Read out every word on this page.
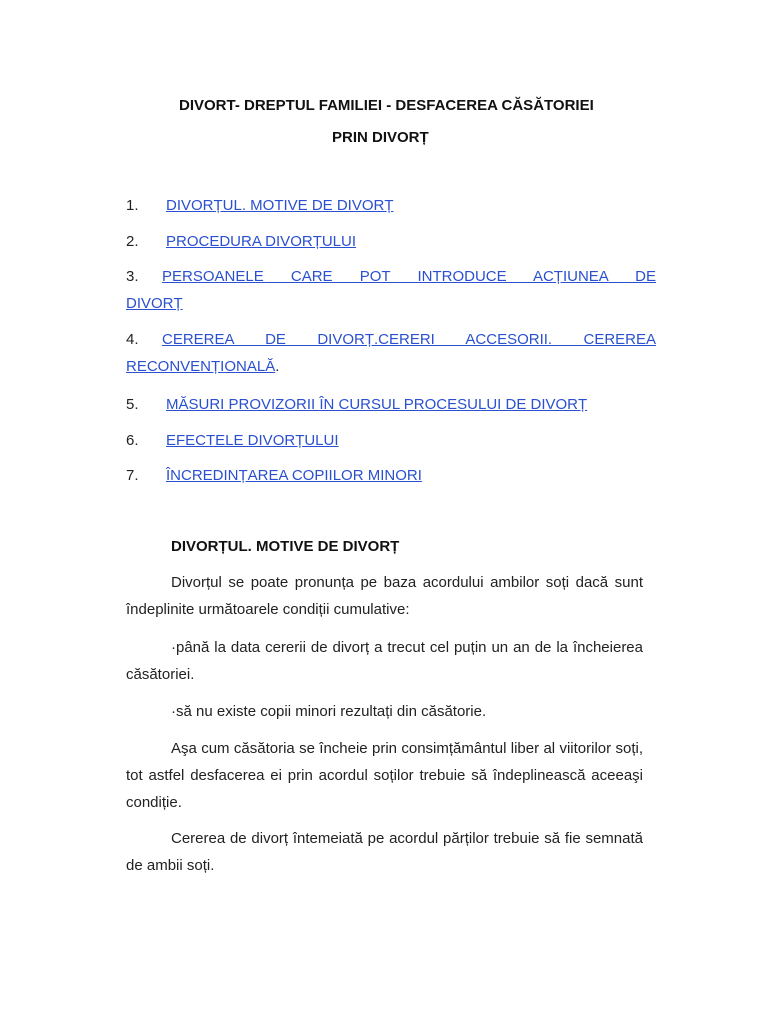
DIVORT- DREPTUL FAMILIEI - DESFACEREA CĂSĂTORIEI
PRIN DIVORȚ
1. DIVORȚUL. MOTIVE DE DIVORȚ
2. PROCEDURA DIVORȚULUI
3. PERSOANELE CARE POT INTRODUCE ACȚIUNEA DE
DIVORȚ
4. CEREREA DE DIVORȚ.CERERI ACCESORII. CEREREA
RECONVENȚIONALĂ.
5. MĂSURI PROVIZORII ÎN CURSUL PROCESULUI DE DIVORȚ
6. EFECTELE DIVORȚULUI
7. ÎNCREDINȚAREA COPIILOR MINORI
DIVORȚUL. MOTIVE DE DIVORȚ
Divorțul se poate pronunța pe baza acordului ambilor soți dacă sunt îndeplinite următoarele condiții cumulative:
·până la data cererii de divorț a trecut cel puțin un an de la încheierea căsătoriei.
·să nu existe copii minori rezultați din căsătorie.
Aşa cum căsătoria se încheie prin consimțământul liber al viitorilor soți, tot astfel desfacerea ei prin acordul soților trebuie să îndeplinească aceeaşi condiție.
Cererea de divorț întemeiată pe acordul părților trebuie să fie semnată de ambii soți.
